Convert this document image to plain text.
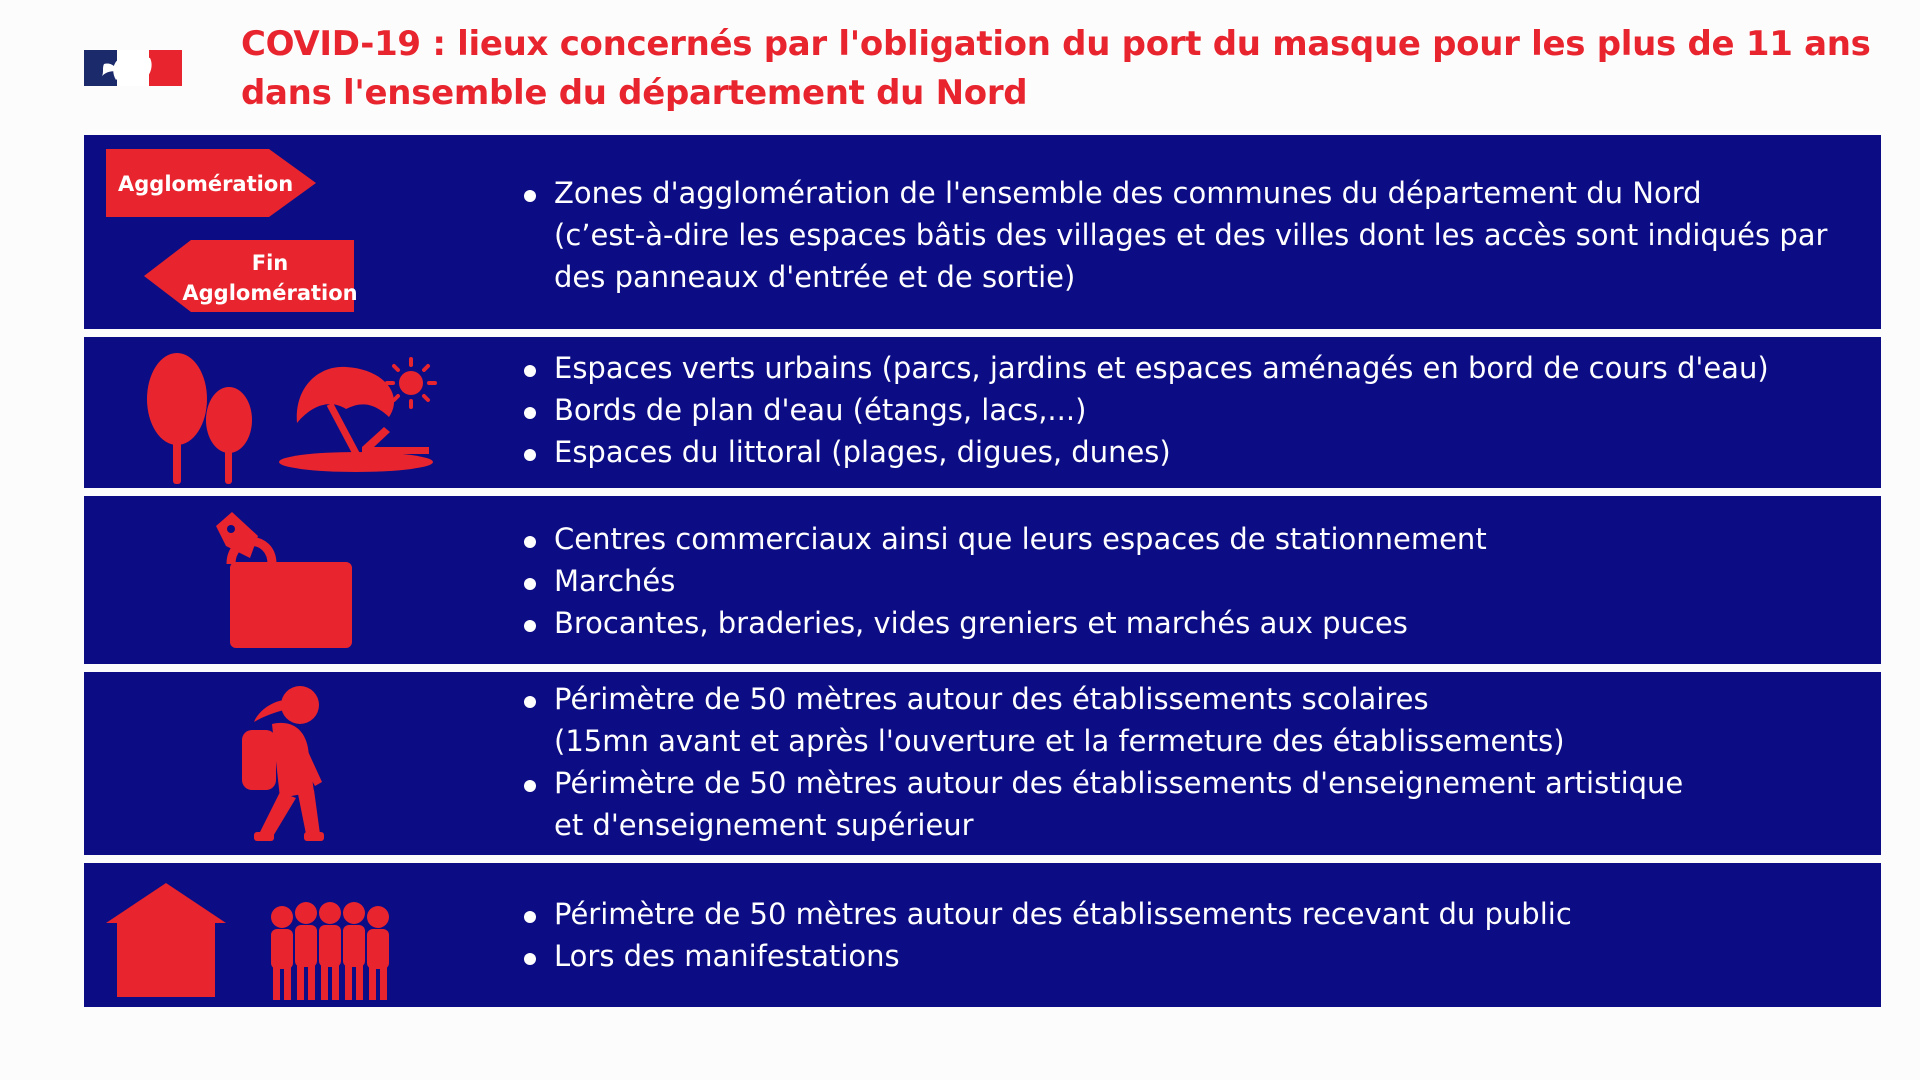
COVID-19 : lieux concernés par l'obligation du port du masque pour les plus de 11 ans dans l'ensemble du département du Nord
Agglomération
Fin
Agglomération
Zones d'agglomération de l'ensemble des communes du département du Nord
(c’est-à-dire les espaces bâtis des villages et des villes dont les accès sont indiqués par
des panneaux d'entrée et de sortie)
Espaces verts urbains (parcs, jardins et espaces aménagés en bord de cours d'eau)
Bords de plan d'eau (étangs, lacs,...)
Espaces du littoral (plages, digues, dunes)
Centres commerciaux ainsi que leurs espaces de stationnement
Marchés
Brocantes, braderies, vides greniers et marchés aux puces
Périmètre de 50 mètres autour des établissements scolaires
(15mn avant et après l'ouverture et la fermeture des établissements)
Périmètre de 50 mètres autour des établissements d'enseignement artistique
et d'enseignement supérieur
Périmètre de 50 mètres autour des établissements recevant du public
Lors des manifestations
